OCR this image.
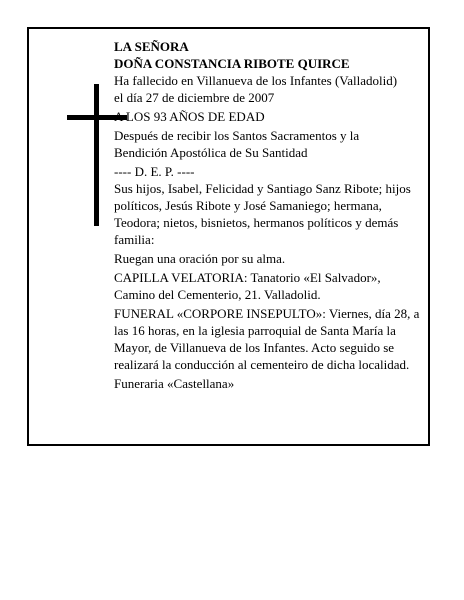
LA SEÑORA

DOÑA CONSTANCIA RIBOTE QUIRCE

Ha fallecido en Villanueva de los Infantes (Valladolid)

el día 27 de diciembre de 2007

A LOS 93 AÑOS DE EDAD

Después de recibir los Santos Sacramentos y la

Bendición Apostólica de Su Santidad

---- D. E. P. ----

Sus hijos, Isabel, Felicidad y Santiago Sanz Ribote; hijos políticos, Jesús Ribote y José Samaniego; hermana, Teodora; nietos, bisnietos, hermanos políticos y demás familia:

Ruegan una oración por su alma.

CAPILLA VELATORIA: Tanatorio «El Salvador», Camino del Cementerio, 21. Valladolid.

FUNERAL «CORPORE INSEPULTO»: Viernes, día 28, a las 16 horas, en la iglesia parroquial de Santa María la Mayor, de Villanueva de los Infantes. Acto seguido se realizará la conducción al cementeiro de dicha localidad.

Funeraria «Castellana»
